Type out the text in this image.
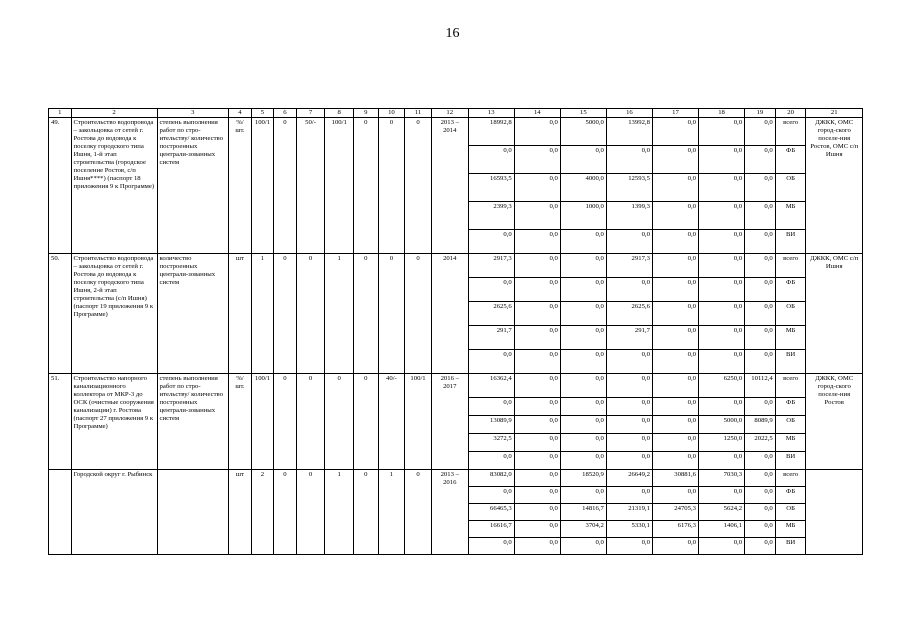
16
1	2	3	4	5	6	7	8	9	10	11	12	13	14	15	16	17	18	19	20	21
49.	Строительство водопровода – закольцовка от сетей г. Ростова до водовода к поселку городского типа Ишня, 1-й этап строительства (городское поселение Ростов, с/п Ишня****) (паспорт 18 приложения 9 к Программе)	степень выполнения работ по стро-ительству/ количество построенных централи-зованных систем	%/ шт.	100/1	0	50/-	100/1	0	0	0	2013 – 2014	18992,8	0,0	5000,0	13992,8	0,0	0,0	0,0	всего	ДЖКК, ОМС город-ского поселе-ния Ростов, ОМС с/п Ишня
												0,0	0,0	0,0	0,0	0,0	0,0	0,0	ФБ	
												16593,5	0,0	4000,0	12593,5	0,0	0,0	0,0	ОБ	
												2399,3	0,0	1000,0	1399,3	0,0	0,0	0,0	МБ	
												0,0	0,0	0,0	0,0	0,0	0,0	0,0	ВИ	
50.	Строительство водопровода – закольцовка от сетей г. Ростова до водовода к поселку городского типа Ишня, 2-й этап строительства (с/п Ишня) (паспорт 19 приложения 9 к Программе)	количество построенных централи-зованных систем	шт	1	0	0	1	0	0	0	2014	2917,3	0,0	0,0	2917,3	0,0	0,0	0,0	всего	ДЖКК, ОМС с/п Ишня
												0,0	0,0	0,0	0,0	0,0	0,0	0,0	ФБ	
												2625,6	0,0	0,0	2625,6	0,0	0,0	0,0	ОБ	
												291,7	0,0	0,0	291,7	0,0	0,0	0,0	МБ	
												0,0	0,0	0,0	0,0	0,0	0,0	0,0	ВИ	
51.	Строительство напорного канализационного коллектора от МКР-3 до ОСК (очистные сооружения канализации) г. Ростова (паспорт 27 приложения 9 к Программе)	степень выполнения работ по стро-ительству/ количество построенных централи-зованных систем	%/ шт.	100/1	0	0	0	0	40/-	100/1	2016 – 2017	16362,4	0,0	0,0	0,0	0,0	6250,0	10112,4	всего	ДЖКК, ОМС город-ского поселе-ния Ростов
												0,0	0,0	0,0	0,0	0,0	0,0	0,0	ФБ	
												13089,9	0,0	0,0	0,0	0,0	5000,0	8089,9	ОБ	
												3272,5	0,0	0,0	0,0	0,0	1250,0	2022,5	МБ	
												0,0	0,0	0,0	0,0	0,0	0,0	0,0	ВИ	
	Городской округ г. Рыбинск		шт	2	0	0	1	0	1	0	2013 – 2016	83082,0	0,0	18520,9	26649,2	30881,6	7030,3	0,0	всего	
												0,0	0,0	0,0	0,0	0,0	0,0	0,0	ФБ	
												66465,3	0,0	14816,7	21319,1	24705,3	5624,2	0,0	ОБ	
												16616,7	0,0	3704,2	5330,1	6176,3	1406,1	0,0	МБ	
												0,0	0,0	0,0	0,0	0,0	0,0	0,0	ВИ	
